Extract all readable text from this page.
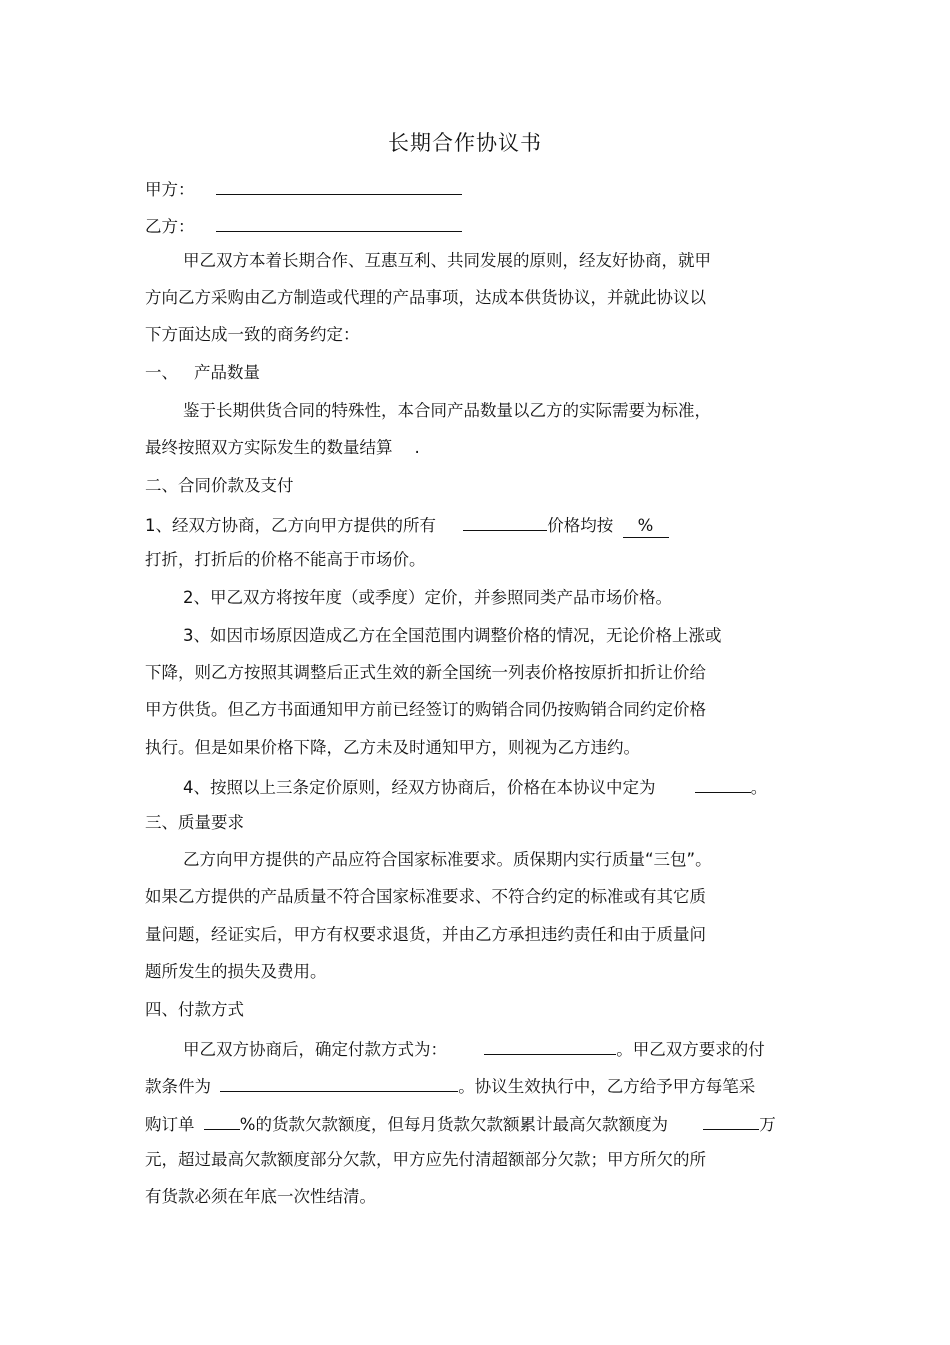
长期合作协议书
甲方：
乙方：
甲乙双方本着长期合作、互惠互利、共同发展的原则，经友好协商，就甲
方向乙方采购由乙方制造或代理的产品事项，达成本供货协议，并就此协议以
下方面达成一致的商务约定：
一、 产品数量
鉴于长期供货合同的特殊性，本合同产品数量以乙方的实际需要为标准，
最终按照双方实际发生的数量结算 .
二、合同价款及支付
1、经双方协商，乙方向甲方提供的所有	价格均按 %
打折，打折后的价格不能高于市场价。
2、甲乙双方将按年度（或季度）定价，并参照同类产品市场价格。
3、如因市场原因造成乙方在全国范围内调整价格的情况，无论价格上涨或
下降，则乙方按照其调整后正式生效的新全国统一列表价格按原折扣折让价给
甲方供货。但乙方书面通知甲方前已经签订的购销合同仍按购销合同约定价格
执行。但是如果价格下降，乙方未及时通知甲方，则视为乙方违约。
4、按照以上三条定价原则，经双方协商后，价格在本协议中定为	。
三、质量要求
乙方向甲方提供的产品应符合国家标准要求。质保期内实行质量“三包”。
如果乙方提供的产品质量不符合国家标准要求、不符合约定的标准或有其它质
量问题，经证实后，甲方有权要求退货，并由乙方承担违约责任和由于质量问
题所发生的损失及费用。
四、付款方式
甲乙双方协商后，确定付款方式为：	。甲乙双方要求的付
款条件为	。协议生效执行中，乙方给予甲方每笔采
购订单	%的货款欠款额度，但每月货款欠款额累计最高欠款额度为	万
元，超过最高欠款额度部分欠款，甲方应先付清超额部分欠款；甲方所欠的所
有货款必须在年底一次性结清。
